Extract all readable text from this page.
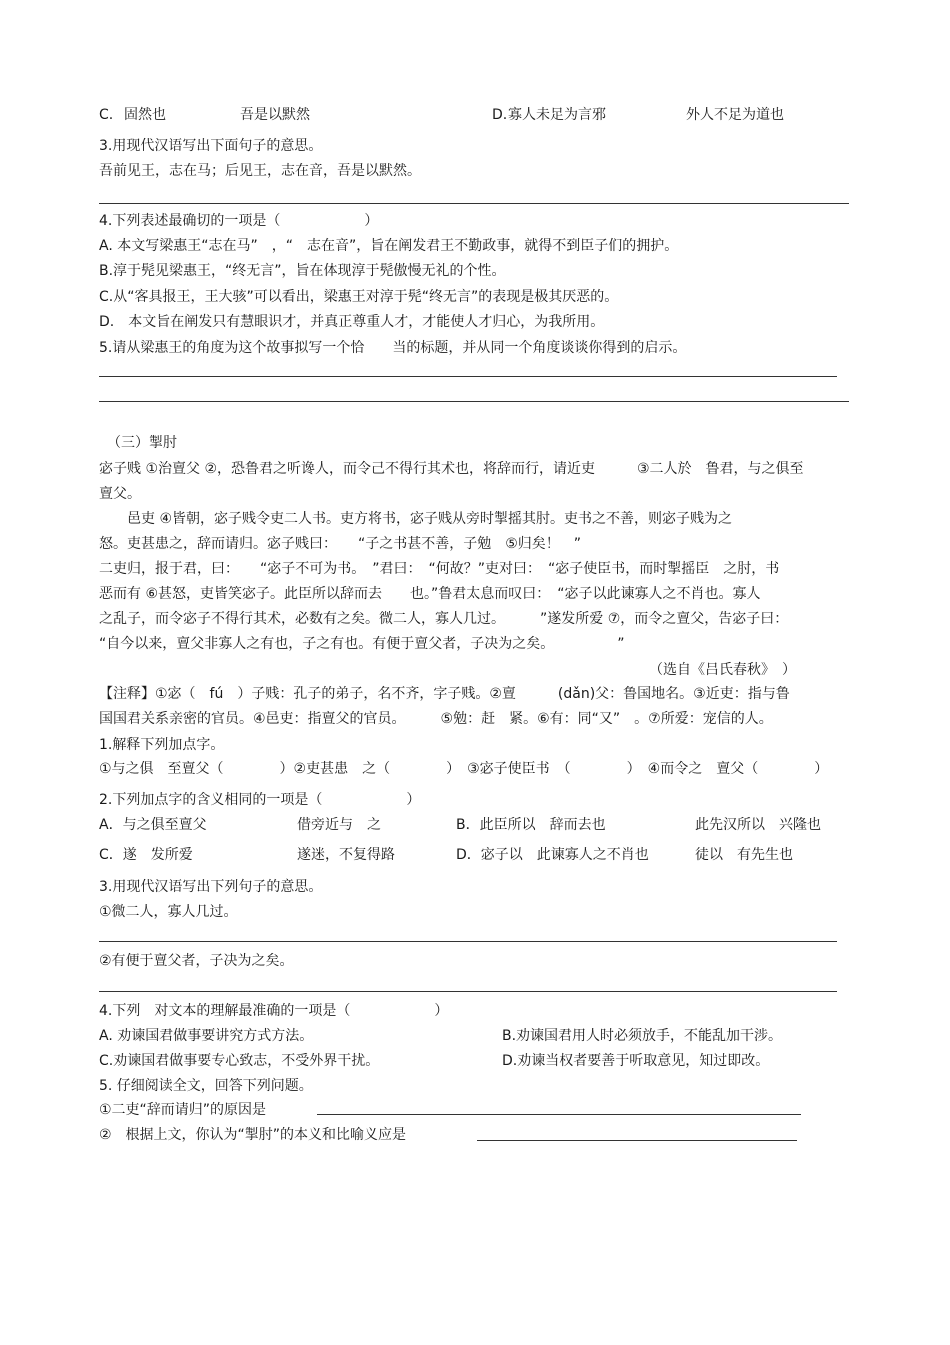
C. 固然也	吾是以默然	D. 寡人未足为言邪	外人不足为道也
3.用现代汉语写出下面句子的意思。
吾前见王，志在马；后见王，志在音，吾是以默然。
4.下列表述最确切的一项是（　　　　　　）
A. 本文写梁惠王“志在马”　，“　志在音”，旨在阐发君王不勤政事，就得不到臣子们的拥护。
B.淳于髡见梁惠王，“终无言”，旨在体现淳于髡傲慢无礼的个性。
C.从“客具报王，王大骇”可以看出，梁惠王对淳于髡“终无言”的表现是极其厌恶的。
D.　本文旨在阐发只有慧眼识才，并真正尊重人才，才能使人才归心，为我所用。
5.请从梁惠王的角度为这个故事拟写一个恰　　当的标题，并从同一个角度谈谈你得到的启示。
（三）掣肘
宓子贱 ①治亶父 ②，恐鲁君之听谗人，而令己不得行其术也，将辞而行，请近吏　　　③二人於　鲁君，与之俱至
亶父。
　　邑吏 ④皆朝，宓子贱令吏二人书。吏方将书，宓子贱从旁时掣摇其肘。吏书之不善，则宓子贱为之
怒。吏甚患之，辞而请归。宓子贱曰：　　“子之书甚不善，子勉　⑤归矣！　”
二吏归，报于君，曰：　　“宓子不可为书。　”君曰：　“何故？”吏对曰：　“宓子使臣书，而时掣摇臣　之肘，书
恶而有 ⑥甚怒，吏皆笑宓子。此臣所以辞而去　　也。”鲁君太息而叹曰：　“宓子以此谏寡人之不肖也。寡人
之乱子，而令宓子不得行其术，必数有之矣。微二人，寡人几过。　　　”遂发所爱 ⑦，而令之亶父，告宓子曰：
“自今以来，亶父非寡人之有也，子之有也。有便于亶父者，子决为之矣。　　　　　”
（选自《吕氏春秋》　）
【注释】①宓（　fú　）子贱：孔子的弟子，名不齐，字子贱。②亶　　　(dǎn)父：鲁国地名。③近吏：指与鲁
国国君关系亲密的官员。④邑吏：指亶父的官员。　　　⑤勉：赶　紧。⑥有：同“又”　。⑦所爱：宠信的人。
1.解释下列加点字。
①与之俱　至亶父（　　　　）②吏甚患　之（　　　　）　③宓子使臣书　（　　　　）　④而令之　亶父（　　　　）
2.下列加点字的含义相同的一项是（　　　　　　）
A．与之俱至亶父	借旁近与　之	B．此臣所以　辞而去也	此先汉所以　兴隆也
C．遂　发所爱	遂迷，不复得路	D．宓子以　此谏寡人之不肖也	徒以　有先生也
3.用现代汉语写出下列句子的意思。
①微二人，寡人几过。
②有便于亶父者，子决为之矣。
4.下列　对文本的理解最准确的一项是（　　　　　　）
A. 劝谏国君做事要讲究方式方法。	B.劝谏国君用人时必须放手，不能乱加干涉。
C.劝谏国君做事要专心致志，不受外界干扰。	D.劝谏当权者要善于听取意见，知过即改。
5. 仔细阅读全文，回答下列问题。
①二吏“辞而请归”的原因是
②　根据上文，你认为“掣肘”的本义和比喻义应是
